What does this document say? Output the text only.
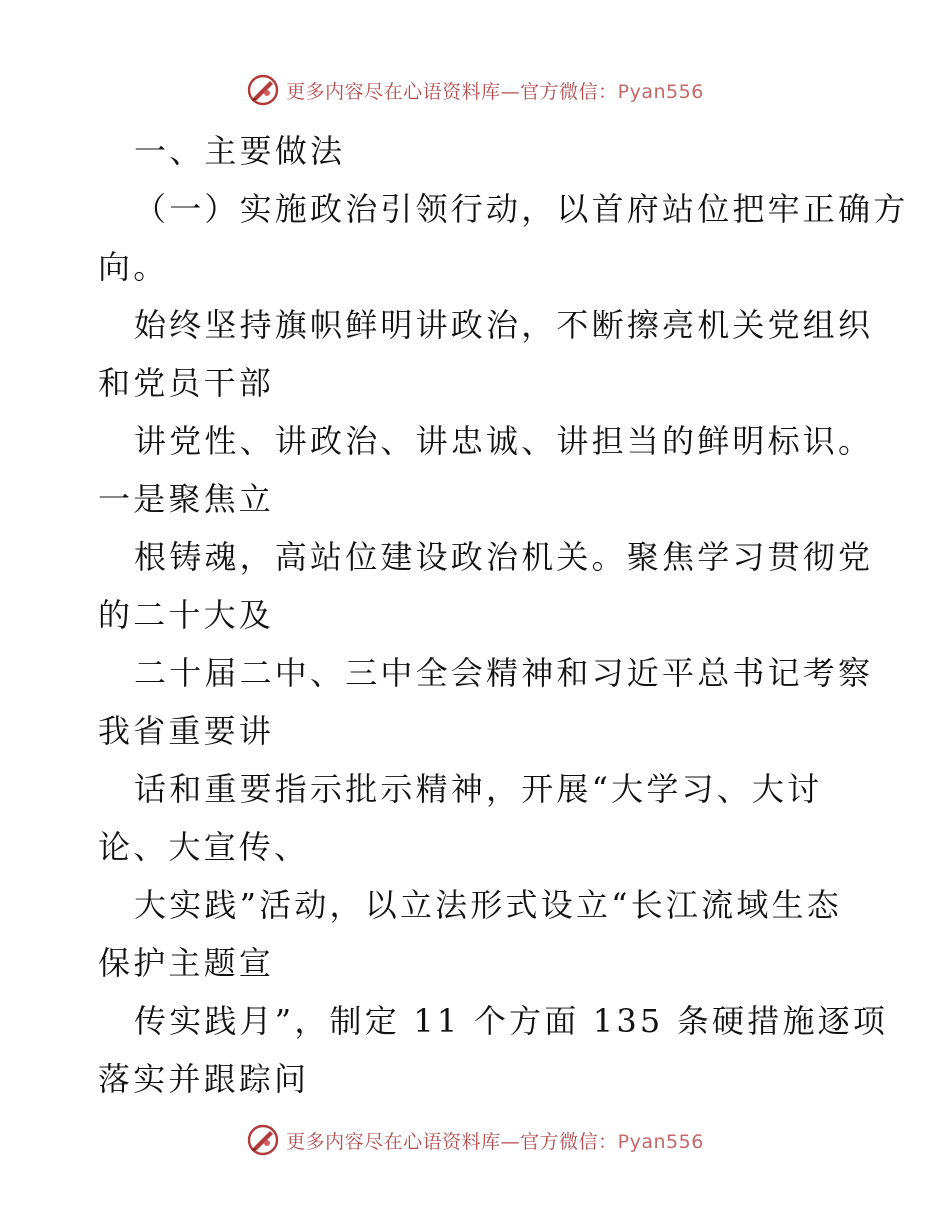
更多内容尽在心语资料库—官方微信：Pyan556
一、主要做法
（一）实施政治引领行动，以首府站位把牢正确方
向。
始终坚持旗帜鲜明讲政治，不断擦亮机关党组织
和党员干部
讲党性、讲政治、讲忠诚、讲担当的鲜明标识。
一是聚焦立
根铸魂，高站位建设政治机关。聚焦学习贯彻党
的二十大及
二十届二中、三中全会精神和习近平总书记考察
我省重要讲
话和重要指示批示精神，开展“大学习、大讨
论、大宣传、
大实践”活动，以立法形式设立“长江流域生态
保护主题宣
传实践月”，制定 11 个方面 135 条硬措施逐项
落实并跟踪问
更多内容尽在心语资料库—官方微信：Pyan556
